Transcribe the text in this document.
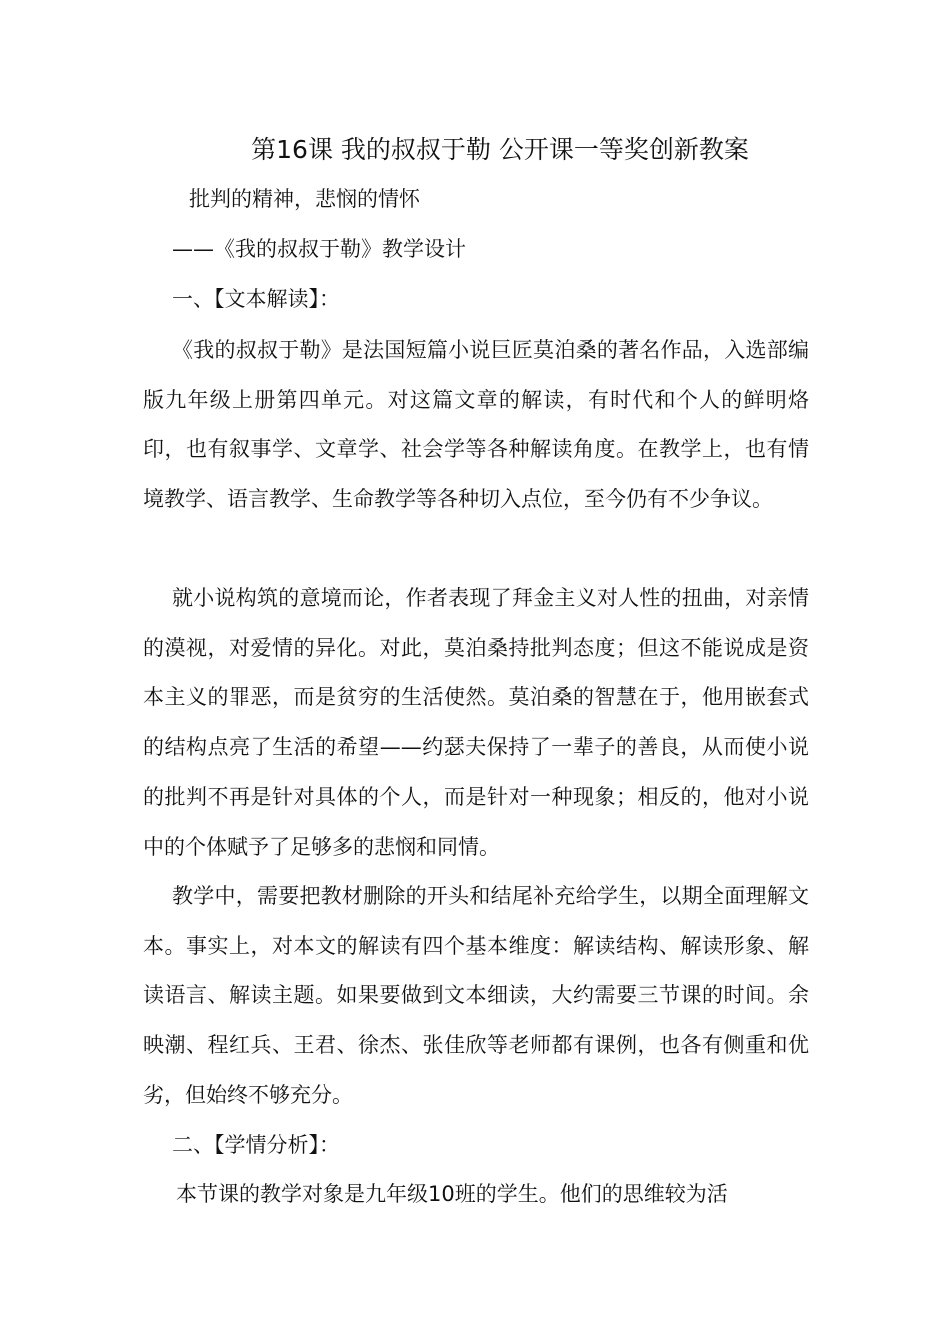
第16课 我的叔叔于勒 公开课一等奖创新教案
批判的精神，悲悯的情怀
——《我的叔叔于勒》教学设计
一、【文本解读】：
《我的叔叔于勒》是法国短篇小说巨匠莫泊桑的著名作品，入选部编版九年级上册第四单元。对这篇文章的解读，有时代和个人的鲜明烙印，也有叙事学、文章学、社会学等各种解读角度。在教学上，也有情境教学、语言教学、生命教学等各种切入点位，至今仍有不少争议。
就小说构筑的意境而论，作者表现了拜金主义对人性的扭曲，对亲情的漠视，对爱情的异化。对此，莫泊桑持批判态度；但这不能说成是资本主义的罪恶，而是贫穷的生活使然。莫泊桑的智慧在于，他用嵌套式的结构点亮了生活的希望——约瑟夫保持了一辈子的善良，从而使小说的批判不再是针对具体的个人，而是针对一种现象；相反的，他对小说中的个体赋予了足够多的悲悯和同情。
教学中，需要把教材删除的开头和结尾补充给学生，以期全面理解文本。事实上，对本文的解读有四个基本维度：解读结构、解读形象、解读语言、解读主题。如果要做到文本细读，大约需要三节课的时间。余映潮、程红兵、王君、徐杰、张佳欣等老师都有课例，也各有侧重和优劣，但始终不够充分。
二、【学情分析】：
本节课的教学对象是九年级10班的学生。他们的思维较为活
